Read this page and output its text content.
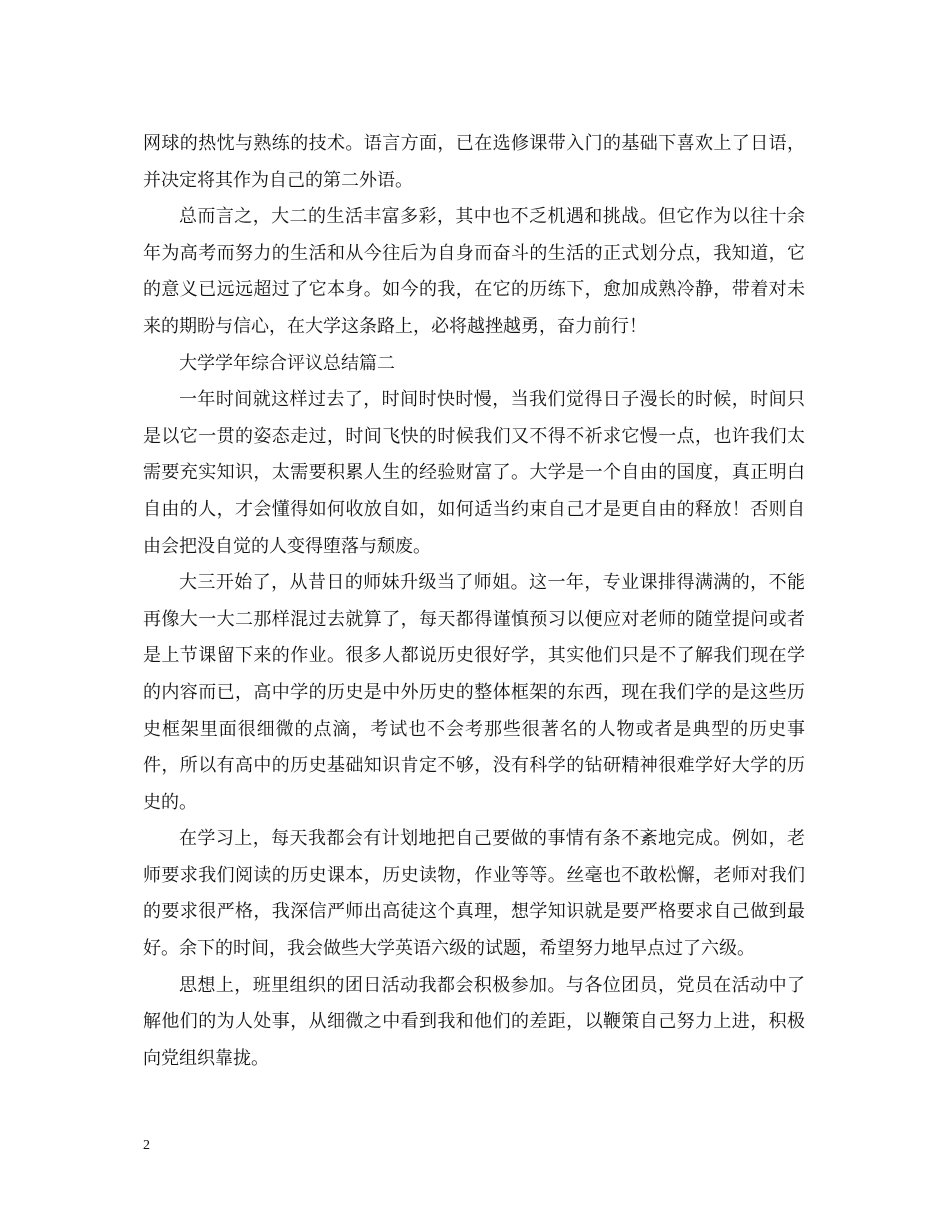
网球的热忱与熟练的技术。语言方面，已在选修课带入门的基础下喜欢上了日语，并决定将其作为自己的第二外语。

总而言之，大二的生活丰富多彩，其中也不乏机遇和挑战。但它作为以往十余年为高考而努力的生活和从今往后为自身而奋斗的生活的正式划分点，我知道，它的意义已远远超过了它本身。如今的我，在它的历练下，愈加成熟冷静，带着对未来的期盼与信心，在大学这条路上，必将越挫越勇，奋力前行！

大学学年综合评议总结篇二

一年时间就这样过去了，时间时快时慢，当我们觉得日子漫长的时候，时间只是以它一贯的姿态走过，时间飞快的时候我们又不得不祈求它慢一点，也许我们太需要充实知识，太需要积累人生的经验财富了。大学是一个自由的国度，真正明白自由的人，才会懂得如何收放自如，如何适当约束自己才是更自由的释放！否则自由会把没自觉的人变得堕落与颓废。

大三开始了，从昔日的师妹升级当了师姐。这一年，专业课排得满满的，不能再像大一大二那样混过去就算了，每天都得谨慎预习以便应对老师的随堂提问或者是上节课留下来的作业。很多人都说历史很好学，其实他们只是不了解我们现在学的内容而已，高中学的历史是中外历史的整体框架的东西，现在我们学的是这些历史框架里面很细微的点滴，考试也不会考那些很著名的人物或者是典型的历史事件，所以有高中的历史基础知识肯定不够，没有科学的钻研精神很难学好大学的历史的。

在学习上，每天我都会有计划地把自己要做的事情有条不紊地完成。例如，老师要求我们阅读的历史课本，历史读物，作业等等。丝毫也不敢松懈，老师对我们的要求很严格，我深信严师出高徒这个真理，想学知识就是要严格要求自己做到最好。余下的时间，我会做些大学英语六级的试题，希望努力地早点过了六级。

思想上，班里组织的团日活动我都会积极参加。与各位团员，党员在活动中了解他们的为人处事，从细微之中看到我和他们的差距，以鞭策自己努力上进，积极向党组织靠拢。

2
